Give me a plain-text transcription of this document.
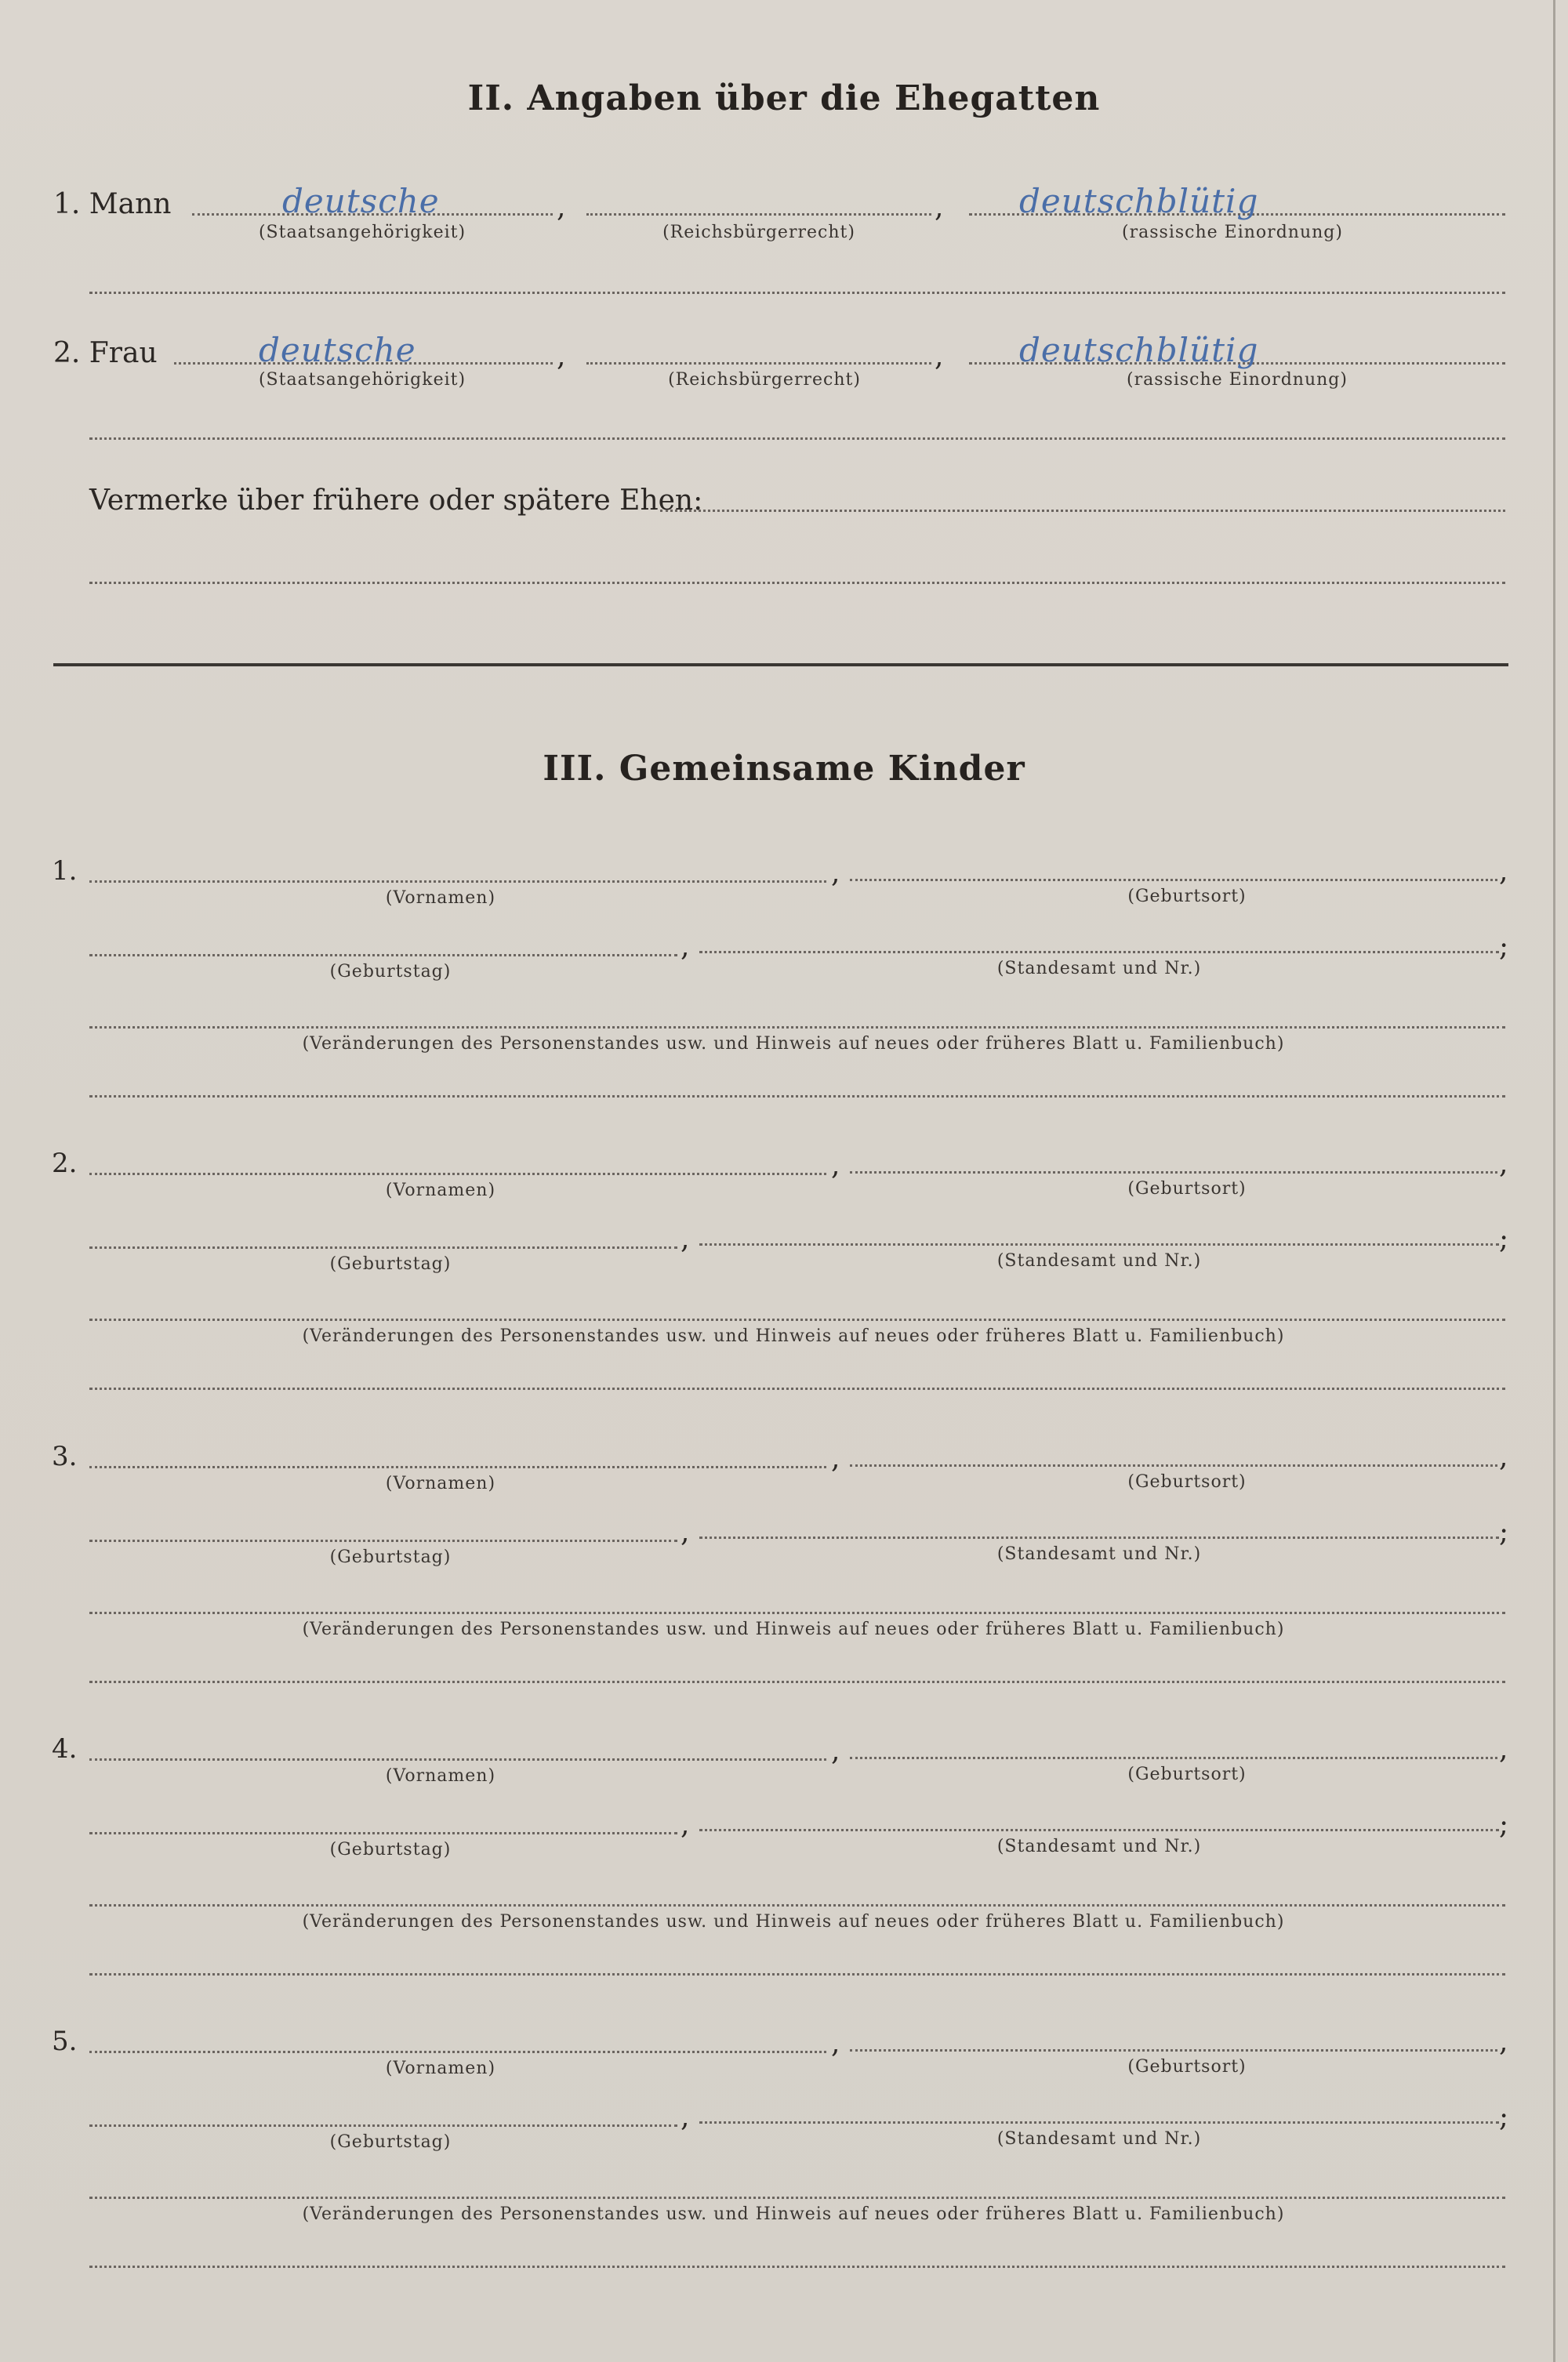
II. Angaben über die Ehegatten
1. Mann	deutsche	,	, deutschblütig
(Staatsangehörigkeit)	(Reichsbürgerrecht)	(rassische Einordnung)
2. Frau	deutsche	,	, deutschblütig
(Staatsangehörigkeit)	(Reichsbürgerrecht)	(rassische Einordnung)
Vermerke über frühere oder spätere Ehen:
III. Gemeinsame Kinder
1.	,	,
(Vornamen)	(Geburtsort)
,	;
(Geburtstag)	(Standesamt und Nr.)
(Veränderungen des Personenstandes usw. und Hinweis auf neues oder früheres Blatt u. Familienbuch)
2.	,	,
(Vornamen)	(Geburtsort)
,	;
(Geburtstag)	(Standesamt und Nr.)
(Veränderungen des Personenstandes usw. und Hinweis auf neues oder früheres Blatt u. Familienbuch)
3.	,	,
(Vornamen)	(Geburtsort)
,	;
(Geburtstag)	(Standesamt und Nr.)
(Veränderungen des Personenstandes usw. und Hinweis auf neues oder früheres Blatt u. Familienbuch)
4.	,	,
(Vornamen)	(Geburtsort)
,	;
(Geburtstag)	(Standesamt und Nr.)
(Veränderungen des Personenstandes usw. und Hinweis auf neues oder früheres Blatt u. Familienbuch)
5.	,	,
(Vornamen)	(Geburtsort)
,	;
(Geburtstag)	(Standesamt und Nr.)
(Veränderungen des Personenstandes usw. und Hinweis auf neues oder früheres Blatt u. Familienbuch)
